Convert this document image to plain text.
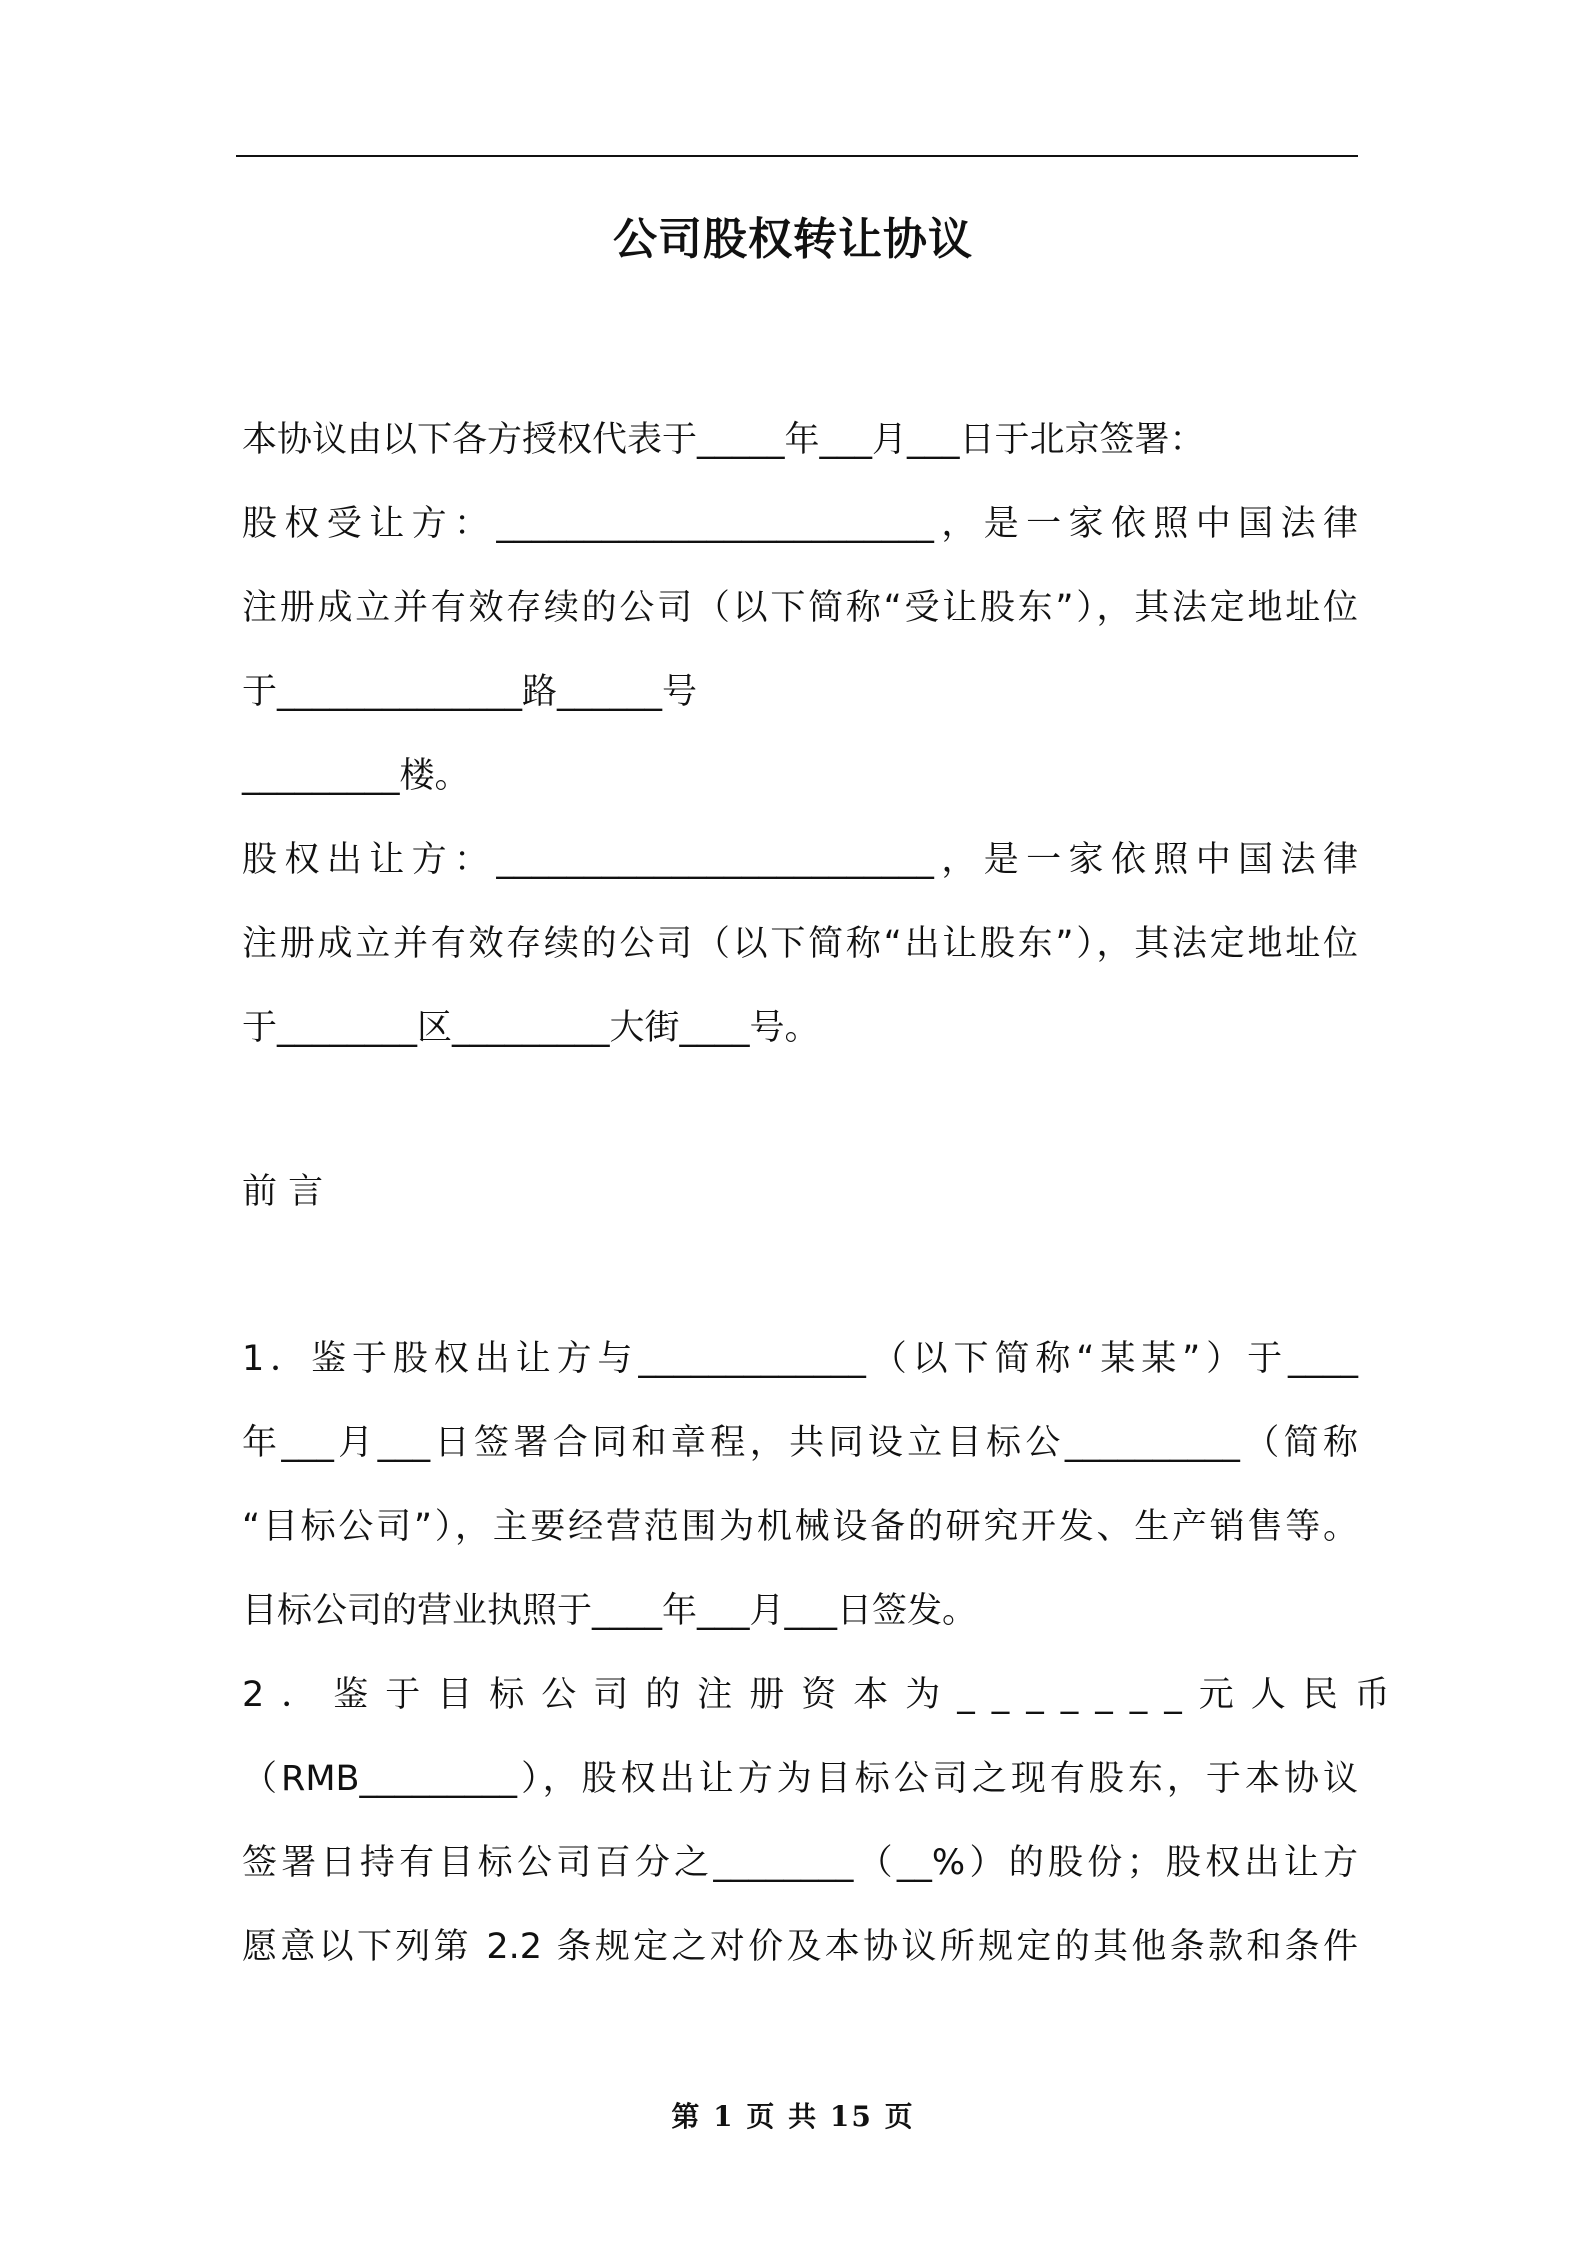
公司股权转让协议
本协议由以下各方授权代表于_____年___月___日于北京签署：
股权受让方：_________________________，是一家依照中国法律
注册成立并有效存续的公司（以下简称“受让股东”），其法定地址位
于______________路______号
_________楼。
股权出让方：_________________________，是一家依照中国法律
注册成立并有效存续的公司（以下简称“出让股东”），其法定地址位
于________区_________大街____号。
前 言
1．鉴于股权出让方与_____________（以下简称“某某”）于____
年___月___日签署合同和章程，共同设立目标公__________（简称
“目标公司”），主要经营范围为机械设备的研究开发、生产销售等。
目标公司的营业执照于____年___月___日签发。
2．鉴于目标公司的注册资本为_______元人民币
（RMB_________），股权出让方为目标公司之现有股东，于本协议
签署日持有目标公司百分之________（__%）的股份；股权出让方
愿意以下列第 2.2 条规定之对价及本协议所规定的其他条款和条件
第 1 页 共 15 页
